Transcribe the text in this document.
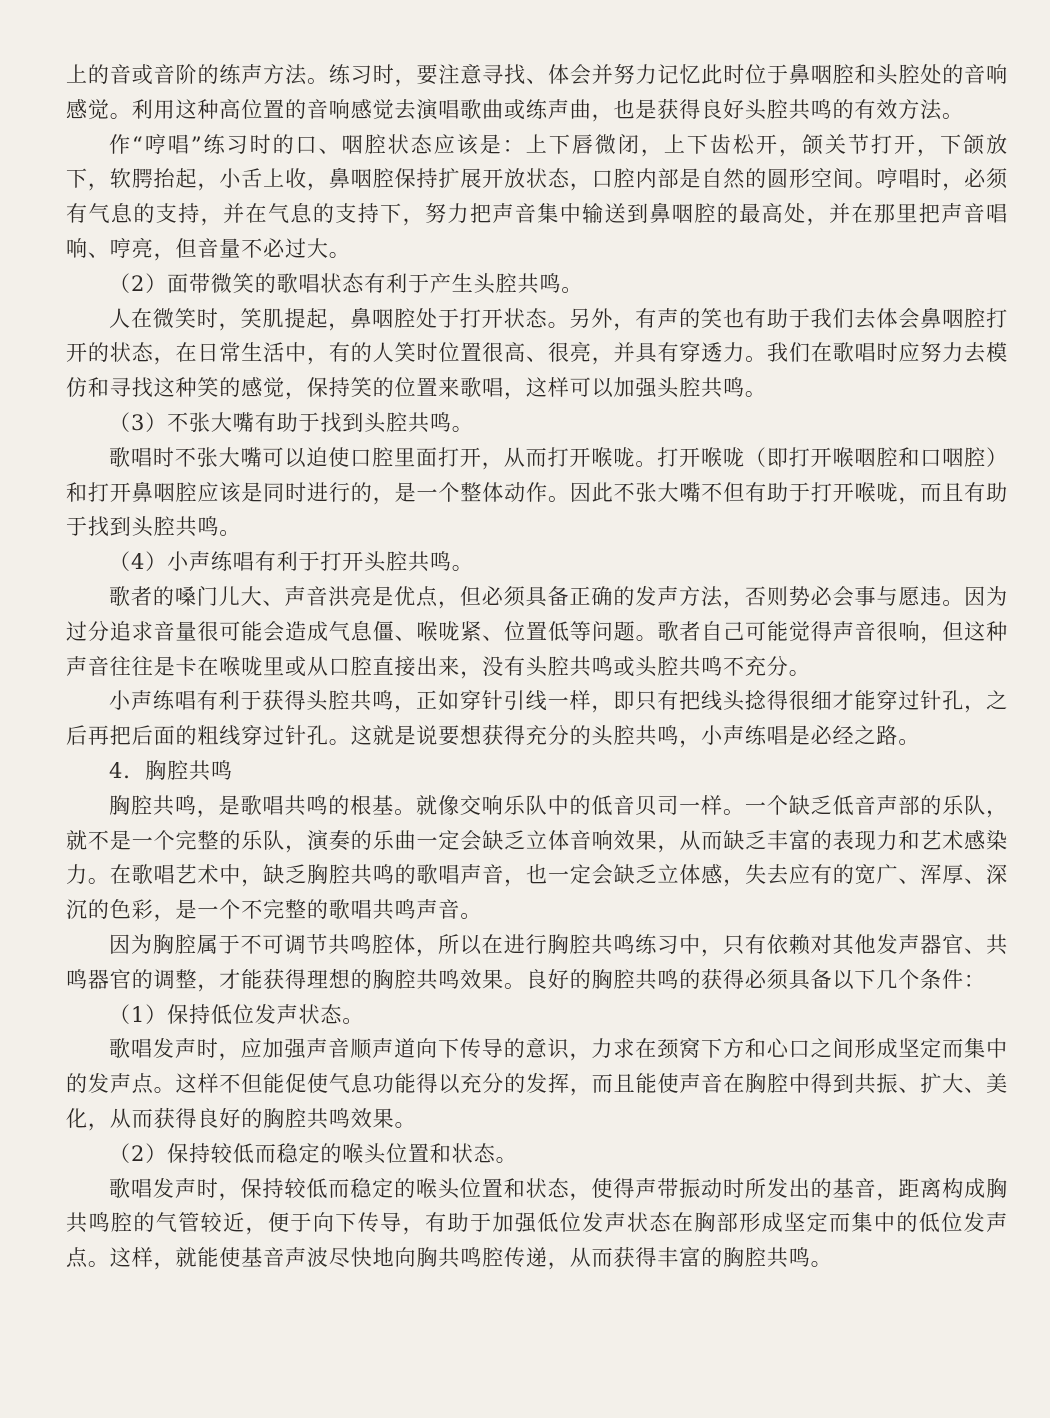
上的音或音阶的练声方法。练习时，要注意寻找、体会并努力记忆此时位于鼻咽腔和头腔处的音响感觉。利用这种高位置的音响感觉去演唱歌曲或练声曲，也是获得良好头腔共鸣的有效方法。

作“哼唱”练习时的口、咽腔状态应该是：上下唇微闭，上下齿松开，颌关节打开，下颌放下，软腭抬起，小舌上收，鼻咽腔保持扩展开放状态，口腔内部是自然的圆形空间。哼唱时，必须有气息的支持，并在气息的支持下，努力把声音集中输送到鼻咽腔的最高处，并在那里把声音唱响、哼亮，但音量不必过大。

（2）面带微笑的歌唱状态有利于产生头腔共鸣。

人在微笑时，笑肌提起，鼻咽腔处于打开状态。另外，有声的笑也有助于我们去体会鼻咽腔打开的状态，在日常生活中，有的人笑时位置很高、很亮，并具有穿透力。我们在歌唱时应努力去模仿和寻找这种笑的感觉，保持笑的位置来歌唱，这样可以加强头腔共鸣。

（3）不张大嘴有助于找到头腔共鸣。

歌唱时不张大嘴可以迫使口腔里面打开，从而打开喉咙。打开喉咙（即打开喉咽腔和口咽腔）和打开鼻咽腔应该是同时进行的，是一个整体动作。因此不张大嘴不但有助于打开喉咙，而且有助于找到头腔共鸣。

（4）小声练唱有利于打开头腔共鸣。

歌者的嗓门儿大、声音洪亮是优点，但必须具备正确的发声方法，否则势必会事与愿违。因为过分追求音量很可能会造成气息僵、喉咙紧、位置低等问题。歌者自己可能觉得声音很响，但这种声音往往是卡在喉咙里或从口腔直接出来，没有头腔共鸣或头腔共鸣不充分。

小声练唱有利于获得头腔共鸣，正如穿针引线一样，即只有把线头捻得很细才能穿过针孔，之后再把后面的粗线穿过针孔。这就是说要想获得充分的头腔共鸣，小声练唱是必经之路。

4．胸腔共鸣

胸腔共鸣，是歌唱共鸣的根基。就像交响乐队中的低音贝司一样。一个缺乏低音声部的乐队，就不是一个完整的乐队，演奏的乐曲一定会缺乏立体音响效果，从而缺乏丰富的表现力和艺术感染力。在歌唱艺术中，缺乏胸腔共鸣的歌唱声音，也一定会缺乏立体感，失去应有的宽广、浑厚、深沉的色彩，是一个不完整的歌唱共鸣声音。

因为胸腔属于不可调节共鸣腔体，所以在进行胸腔共鸣练习中，只有依赖对其他发声器官、共鸣器官的调整，才能获得理想的胸腔共鸣效果。良好的胸腔共鸣的获得必须具备以下几个条件：

（1）保持低位发声状态。

歌唱发声时，应加强声音顺声道向下传导的意识，力求在颈窝下方和心口之间形成坚定而集中的发声点。这样不但能促使气息功能得以充分的发挥，而且能使声音在胸腔中得到共振、扩大、美化，从而获得良好的胸腔共鸣效果。

（2）保持较低而稳定的喉头位置和状态。

歌唱发声时，保持较低而稳定的喉头位置和状态，使得声带振动时所发出的基音，距离构成胸共鸣腔的气管较近，便于向下传导，有助于加强低位发声状态在胸部形成坚定而集中的低位发声点。这样，就能使基音声波尽快地向胸共鸣腔传递，从而获得丰富的胸腔共鸣。
